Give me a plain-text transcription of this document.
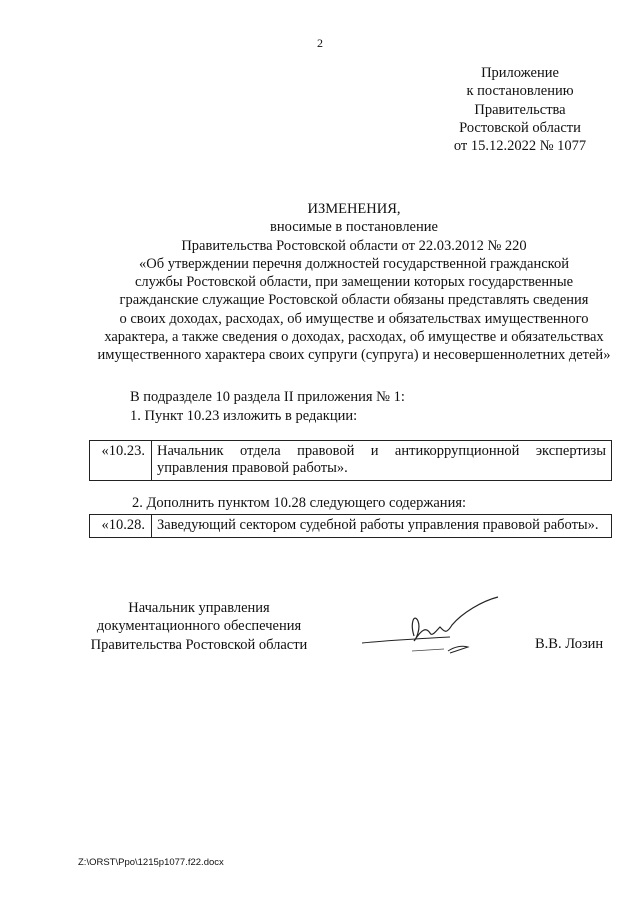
2
Приложение
к постановлению
Правительства
Ростовской области
от 15.12.2022 № 1077
ИЗМЕНЕНИЯ,
вносимые в постановление
Правительства Ростовской области от 22.03.2012 № 220
«Об утверждении перечня должностей государственной гражданской
службы Ростовской области, при замещении которых государственные
гражданские служащие Ростовской области обязаны представлять сведения
о своих доходах, расходах, об имуществе и обязательствах имущественного
характера, а также сведения о доходах, расходах, об имуществе и обязательствах
имущественного характера своих супруги (супруга) и несовершеннолетних детей»
В подразделе 10 раздела II приложения № 1:
1. Пункт 10.23 изложить в редакции:
«10.23.	Начальник отдела правовой и антикоррупционной экспертизы управления правовой работы».
2. Дополнить пунктом 10.28 следующего содержания:
«10.28.	Заведующий сектором судебной работы управления правовой работы».
Начальник управления
документационного обеспечения
Правительства Ростовской области	В.В. Лозин
Z:\ORST\Ppo\1215p1077.f22.docx
